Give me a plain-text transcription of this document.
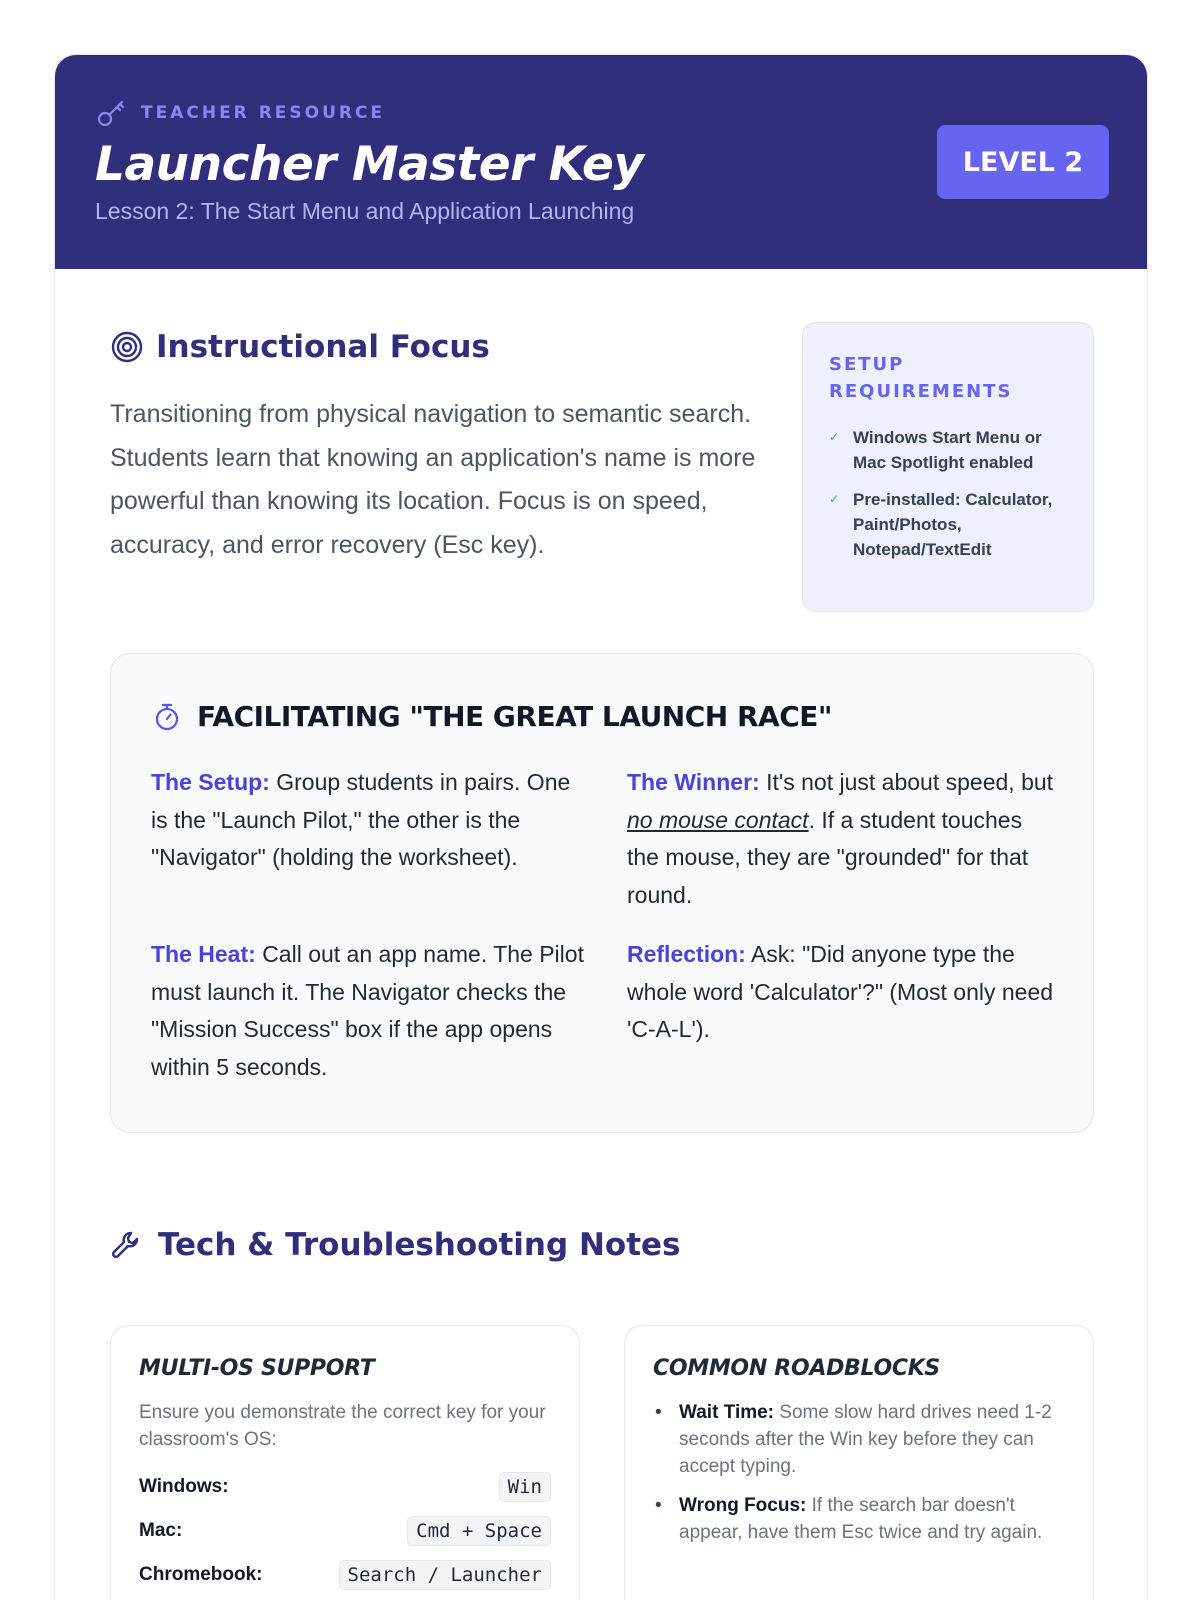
TEACHER RESOURCE
Launcher Master Key
Lesson 2: The Start Menu and Application Launching
LEVEL 2
Instructional Focus

Transitioning from physical navigation to semantic search. Students learn that knowing an application's name is more powerful than knowing its location. Focus is on speed, accuracy, and error recovery (Esc key).

SETUP REQUIREMENTS
✓ Windows Start Menu or Mac Spotlight enabled
✓ Pre-installed: Calculator, Paint/Photos, Notepad/TextEdit
FACILITATING "THE GREAT LAUNCH RACE"

The Setup: Group students in pairs. One is the "Launch Pilot," the other is the "Navigator" (holding the worksheet).

The Heat: Call out an app name. The Pilot must launch it. The Navigator checks the "Mission Success" box if the app opens within 5 seconds.

The Winner: It's not just about speed, but no mouse contact. If a student touches the mouse, they are "grounded" for that round.

Reflection: Ask: "Did anyone type the whole word 'Calculator'?" (Most only need 'C-A-L').

Tech & Troubleshooting Notes
MULTI-OS SUPPORT

Ensure you demonstrate the correct key for your classroom's OS:

Windows:	Win
Mac:	Cmd + Space
Chromebook:	Search / Launcher
COMMON ROADBLOCKS
• Wait Time: Some slow hard drives need 1-2 seconds after the Win key before they can accept typing.
• Wrong Focus: If the search bar doesn't appear, have them Esc twice and try again.
